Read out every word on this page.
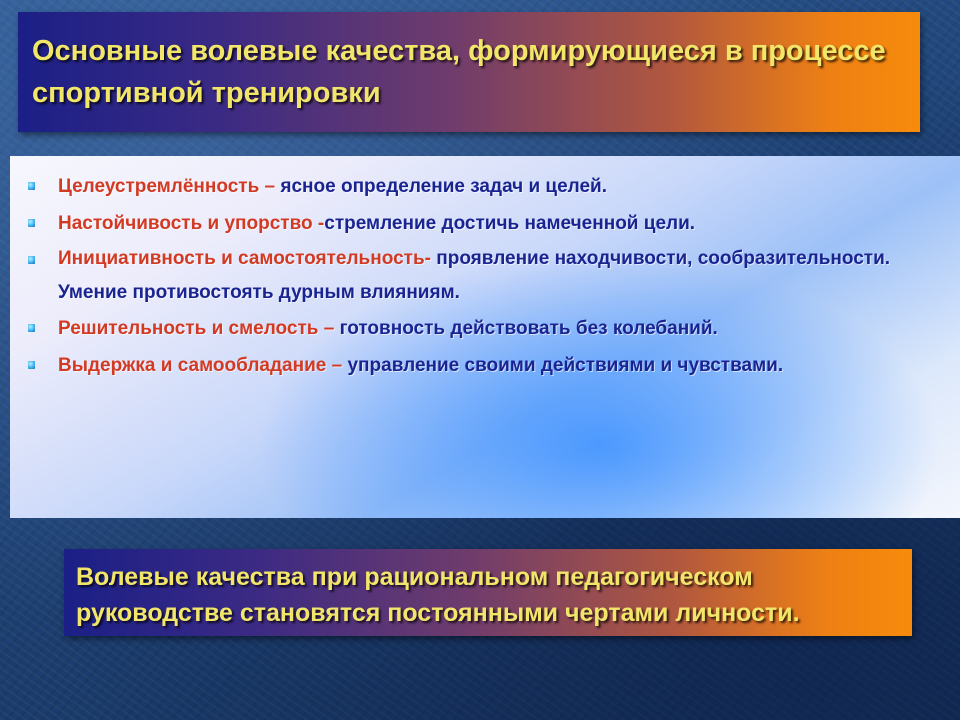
Основные волевые качества, формирующиеся в процессе спортивной тренировки
Целеустремлённость – ясное определение задач и целей.
Настойчивость и упорство -стремление достичь намеченной цели.
Инициативность и самостоятельность- проявление находчивости, сообразительности. Умение противостоять дурным влияниям.
Решительность и смелость – готовность действовать без колебаний.
Выдержка и самообладание – управление своими действиями и чувствами.

Волевые качества при рациональном педагогическом руководстве становятся постоянными чертами личности.
